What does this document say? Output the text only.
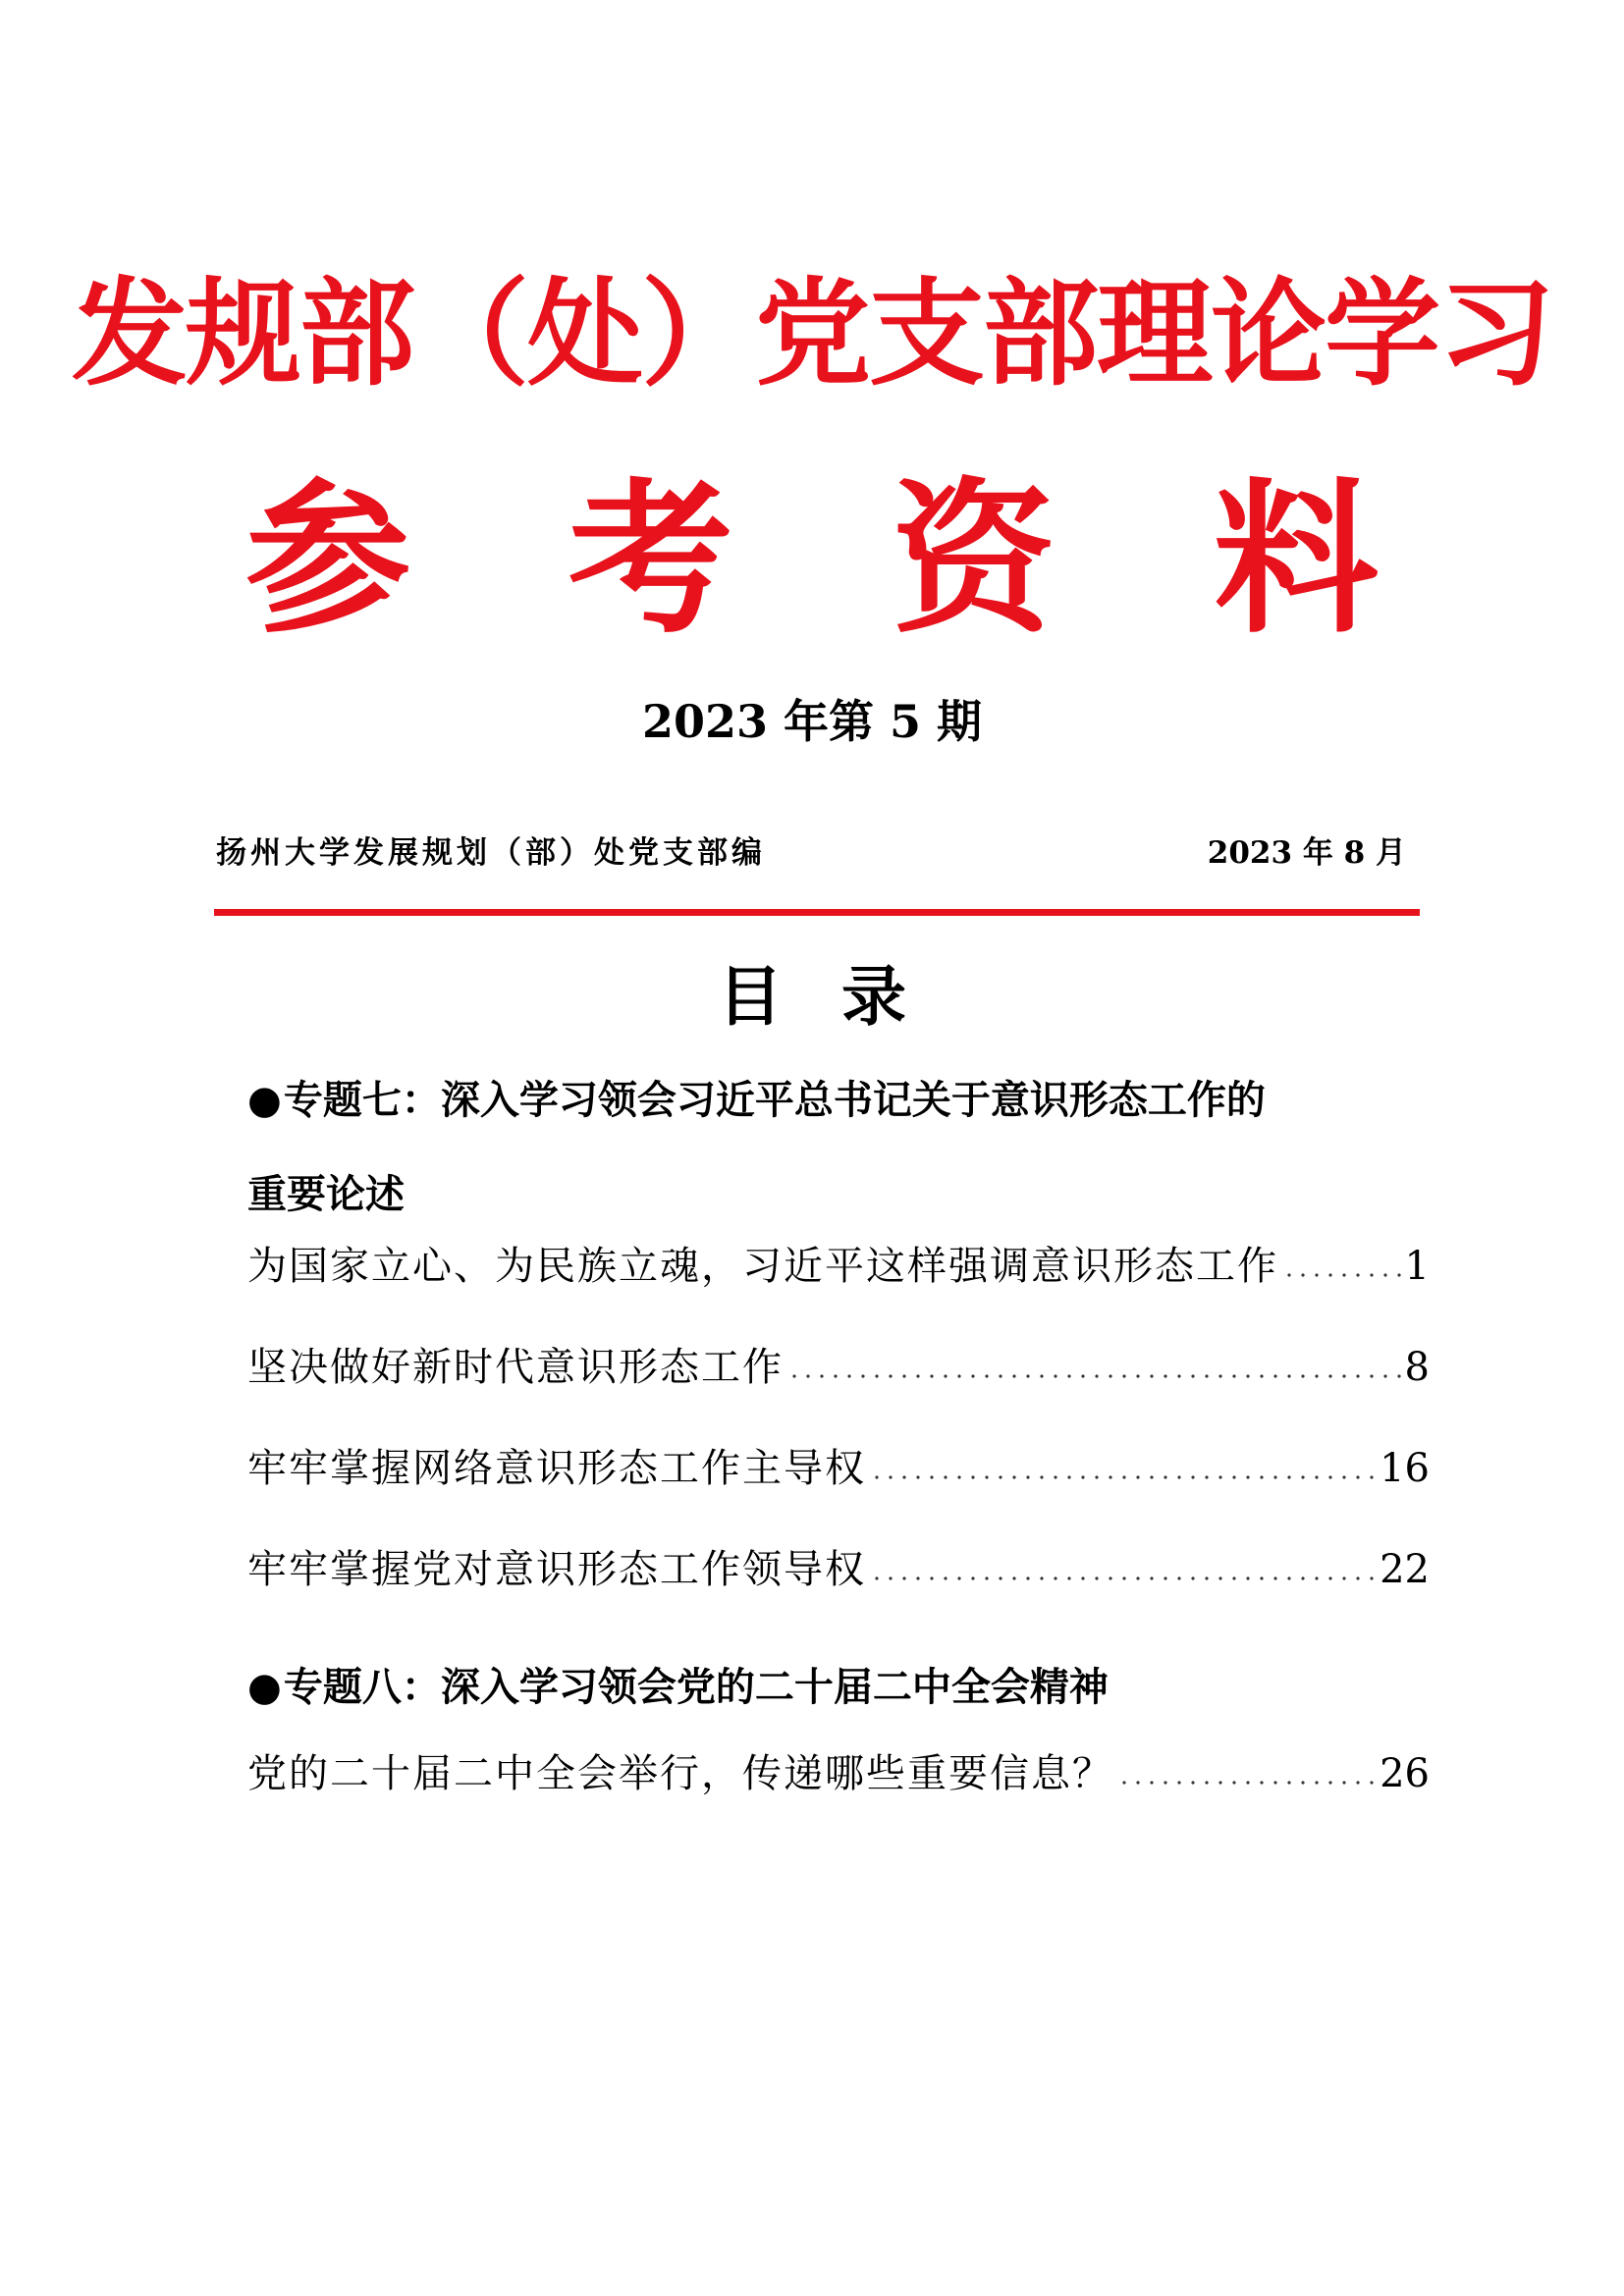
发规部（处）党支部理论学习
参 考 资 料
2023 年第 5 期
扬州大学发展规划（部）处党支部编	2023 年 8 月
目录
●专题七：深入学习领会习近平总书记关于意识形态工作的
重要论述
为国家立心、为民族立魂，习近平这样强调意识形态工作	1
坚决做好新时代意识形态工作	8
牢牢掌握网络意识形态工作主导权	16
牢牢掌握党对意识形态工作领导权	22
●专题八：深入学习领会党的二十届二中全会精神
党的二十届二中全会举行，传递哪些重要信息？	26
